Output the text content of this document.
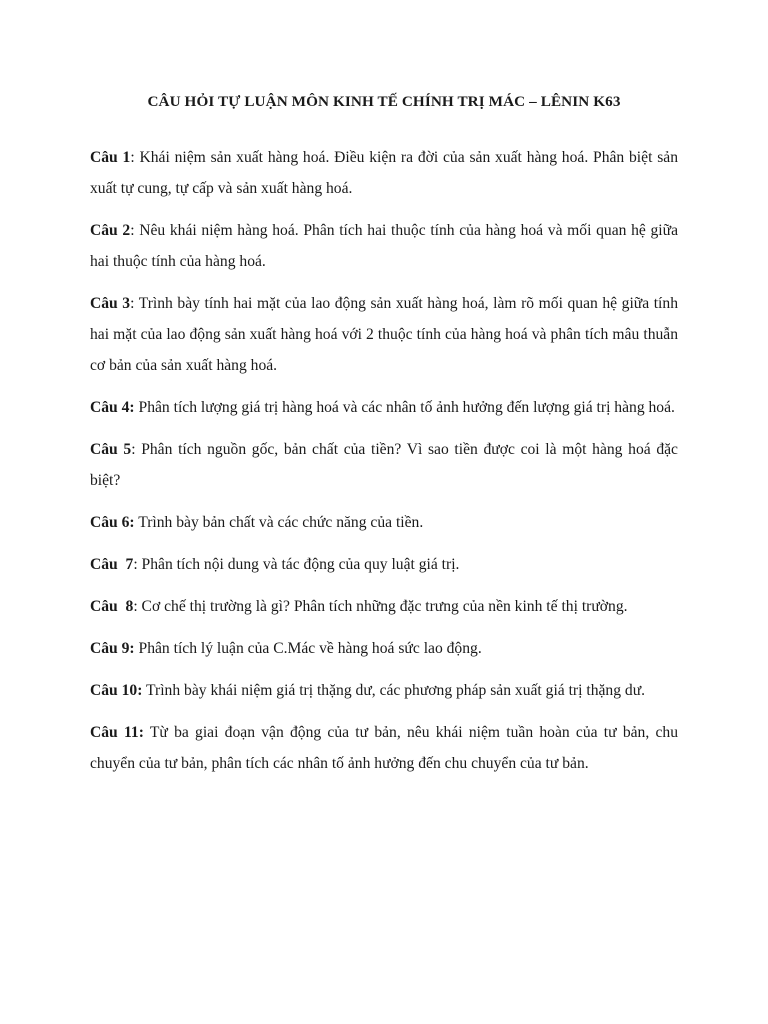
CÂU HỎI TỰ LUẬN MÔN KINH TẾ CHÍNH TRỊ MÁC – LÊNIN K63

Câu 1: Khái niệm sản xuất hàng hoá. Điều kiện ra đời của sản xuất hàng hoá. Phân biệt sản xuất tự cung, tự cấp và sản xuất hàng hoá.

Câu 2: Nêu khái niệm hàng hoá. Phân tích hai thuộc tính của hàng hoá và mối quan hệ giữa hai thuộc tính của hàng hoá.

Câu 3: Trình bày tính hai mặt của lao động sản xuất hàng hoá, làm rõ mối quan hệ giữa tính hai mặt của lao động sản xuất hàng hoá với 2 thuộc tính của hàng hoá và phân tích mâu thuẫn cơ bản của sản xuất hàng hoá.

Câu 4: Phân tích lượng giá trị hàng hoá và các nhân tố ảnh hưởng đến lượng giá trị hàng hoá.

Câu 5: Phân tích nguồn gốc, bản chất của tiền? Vì sao tiền được coi là một hàng hoá đặc biệt?

Câu 6: Trình bày bản chất và các chức năng của tiền.

Câu  7: Phân tích nội dung và tác động của quy luật giá trị.

Câu  8: Cơ chế thị trường là gì? Phân tích những đặc trưng của nền kinh tế thị trường.

Câu 9: Phân tích lý luận của C.Mác về hàng hoá sức lao động.

Câu 10: Trình bày khái niệm giá trị thặng dư, các phương pháp sản xuất giá trị thặng dư.

Câu 11: Từ ba giai đoạn vận động của tư bản, nêu khái niệm tuần hoàn của tư bản, chu chuyển của tư bản, phân tích các nhân tố ảnh hưởng đến chu chuyển của tư bản.
